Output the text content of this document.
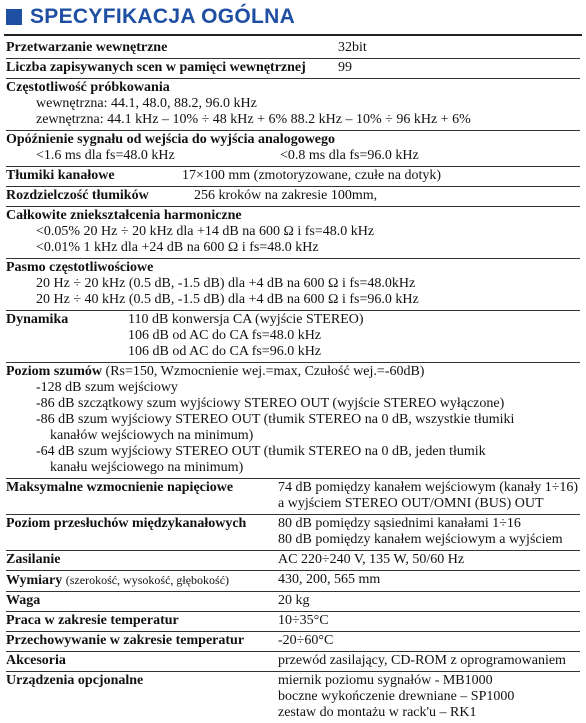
SPECYFIKACJA OGÓLNA
Przetwarzanie wewnętrzne	32bit
Liczba zapisywanych scen w pamięci wewnętrznej	99
Częstotliwość próbkowania
wewnętrzna: 44.1, 48.0, 88.2, 96.0 kHz
zewnętrzna: 44.1 kHz – 10% ÷ 48 kHz + 6% 88.2 kHz – 10% ÷ 96 kHz + 6%
Opóźnienie sygnału od wejścia do wyjścia analogowego
<1.6 ms dla fs=48.0 kHz	<0.8 ms dla fs=96.0 kHz
Tłumiki kanałowe	17×100 mm (zmotoryzowane, czułe na dotyk)
Rozdzielczość tłumików	256 kroków na zakresie 100mm,
Całkowite zniekształcenia harmoniczne
<0.05% 20 Hz ÷ 20 kHz dla +14 dB na 600 Ω i fs=48.0 kHz
<0.01% 1 kHz dla +24 dB na 600 Ω i fs=48.0 kHz
Pasmo częstotliwościowe
20 Hz ÷ 20 kHz (0.5 dB, -1.5 dB) dla +4 dB na 600 Ω i fs=48.0kHz
20 Hz ÷ 40 kHz (0.5 dB, -1.5 dB) dla +4 dB na 600 Ω i fs=96.0 kHz
Dynamika	110 dB konwersja CA (wyjście STEREO)
106 dB od AC do CA fs=48.0 kHz
106 dB od AC do CA fs=96.0 kHz
Poziom szumów (Rs=150, Wzmocnienie wej.=max, Czułość wej.=-60dB)
-128 dB szum wejściowy
-86 dB szczątkowy szum wyjściowy STEREO OUT (wyjście STEREO wyłączone)
-86 dB szum wyjściowy STEREO OUT (tłumik STEREO na 0 dB, wszystkie tłumiki
kanałów wejściowych na minimum)
-64 dB szum wyjściowy STEREO OUT (tłumik STEREO na 0 dB, jeden tłumik
kanału wejściowego na minimum)
Maksymalne wzmocnienie napięciowe	74 dB pomiędzy kanałem wejściowym (kanały 1÷16)
a wyjściem STEREO OUT/OMNI (BUS) OUT
Poziom przesłuchów międzykanałowych	80 dB pomiędzy sąsiednimi kanałami 1÷16
80 dB pomiędzy kanałem wejściowym a wyjściem
Zasilanie	AC 220÷240 V, 135 W, 50/60 Hz
Wymiary (szerokość, wysokość, głębokość)	430, 200, 565 mm
Waga	20 kg
Praca w zakresie temperatur	10÷35°C
Przechowywanie w zakresie temperatur	-20÷60°C
Akcesoria	przewód zasilający, CD-ROM z oprogramowaniem
Urządzenia opcjonalne	miernik poziomu sygnałów - MB1000
boczne wykończenie drewniane – SP1000
zestaw do montażu w rack'u – RK1
